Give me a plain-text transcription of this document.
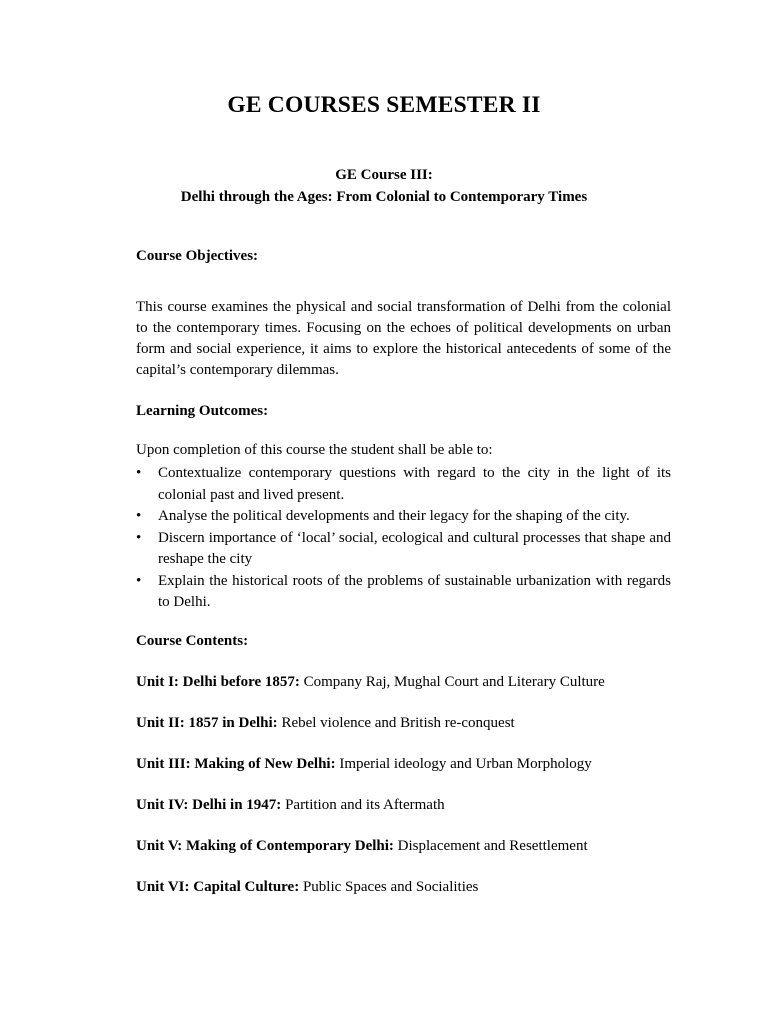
GE COURSES SEMESTER II
GE Course III:
Delhi through the Ages: From Colonial to Contemporary Times
Course Objectives:
This course examines the physical and social transformation of Delhi from the colonial to the contemporary times. Focusing on the echoes of political developments on urban form and social experience, it aims to explore the historical antecedents of some of the capital’s contemporary dilemmas.
Learning Outcomes:
Upon completion of this course the student shall be able to:
• Contextualize contemporary questions with regard to the city in the light of its colonial past and lived present.
• Analyse the political developments and their legacy for the shaping of the city.
• Discern importance of ‘local’ social, ecological and cultural processes that shape and reshape the city
• Explain the historical roots of the problems of sustainable urbanization with regards to Delhi.
Course Contents:
Unit I: Delhi before 1857: Company Raj, Mughal Court and Literary Culture
Unit II: 1857 in Delhi: Rebel violence and British re-conquest
Unit III: Making of New Delhi: Imperial ideology and Urban Morphology
Unit IV: Delhi in 1947: Partition and its Aftermath
Unit V: Making of Contemporary Delhi: Displacement and Resettlement
Unit VI: Capital Culture: Public Spaces and Socialities
